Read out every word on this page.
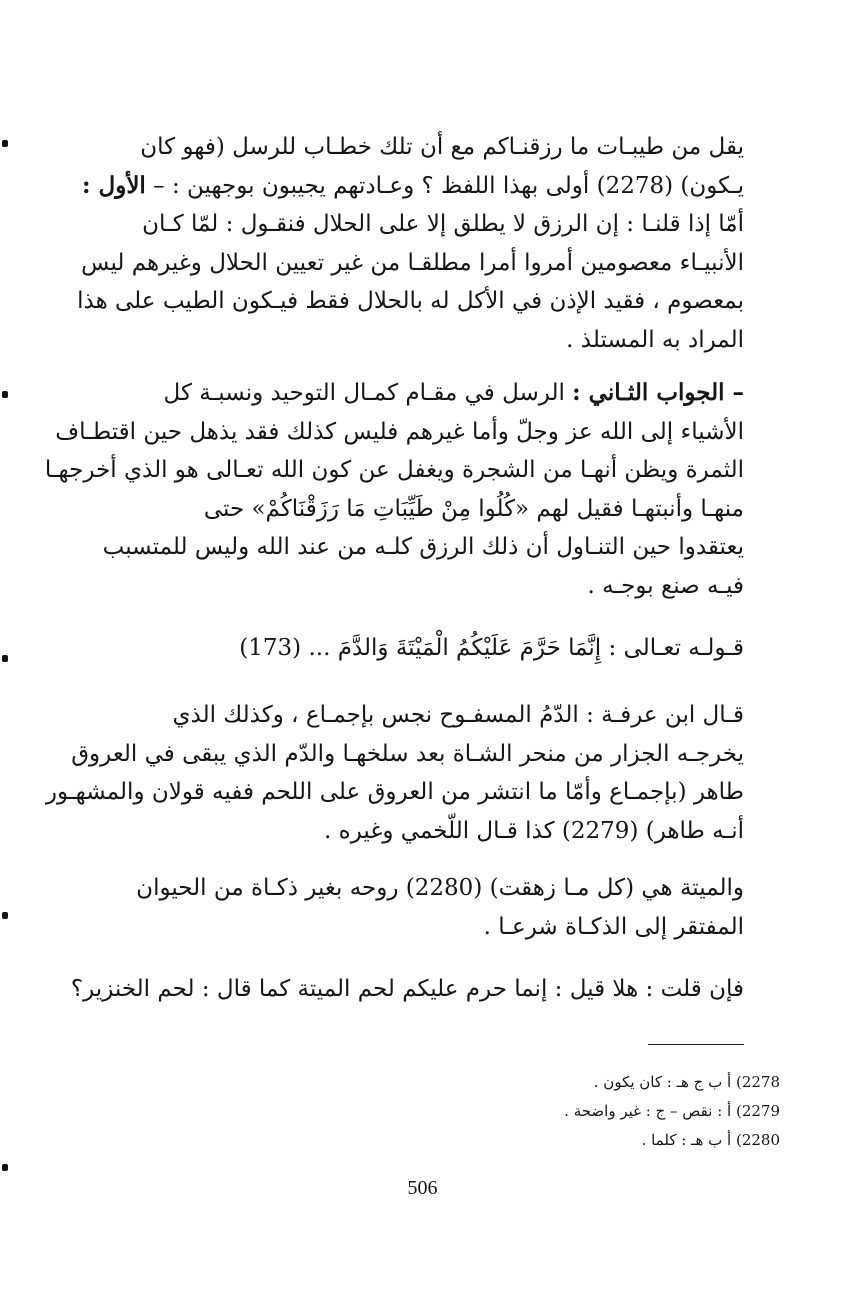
يقل من طيبـات ما رزقنـاكم مع أن تلك خطـاب للرسل (فهو كان
يـكون) (2278) أولى بهذا اللفظ ؟ وعـادتهم يجيبون بوجهين : – الأول :
أمّا إذا قلنـا : إن الرزق لا يطلق إلا على الحلال فنقـول : لمّا كـان
الأنبيـاء معصومين أمروا أمرا مطلقـا من غير تعيين الحلال وغيرهم ليس
بمعصوم ، فقيد الإذن في الأكل له بالحلال فقط فيـكون الطيب على هذا
المراد به المستلذ .
– الجواب الثـاني : الرسل في مقـام كمـال التوحيد ونسبـة كل
الأشياء إلى الله عز وجلّ وأما غيرهم فليس كذلك فقد يذهل حين اقتطـاف
الثمرة ويظن أنهـا من الشجرة ويغفل عن كون الله تعـالى هو الذي أخرجهـا
منهـا وأنبتهـا فقيل لهم «كُلُوا مِنْ طَيِّبَاتِ مَا رَزَقْنَاكُمْ» حتى
يعتقدوا حين التنـاول أن ذلك الرزق كلـه من عند الله وليس للمتسبب
فيـه صنع بوجـه .
قـولـه تعـالى : إِنَّمَا حَرَّمَ عَلَيْكُمُ الْمَيْتَةَ وَالدَّمَ ... (173)
قـال ابن عرفـة : الدّمُ المسفـوح نجس بإجمـاع ، وكذلك الذي
يخرجـه الجزار من منحر الشـاة بعد سلخهـا والدّم الذي يبقى في العروق
طاهر (بإجمـاع وأمّا ما انتشر من العروق على اللحم ففيه قولان والمشهـور
أنـه طاهر) (2279) كذا قـال اللّخمي وغيره .
والميتة هي (كل مـا زهقت) (2280) روحه بغير ذكـاة من الحيوان
المفتقر إلى الذكـاة شرعـا .
فإن قلت : هلا قيل : إنما حرم عليكم لحم الميتة كما قال : لحم الخنزير؟
2278) أ ب ج هـ : كان يكون .
2279) أ : نقص – ج : غير واضحة .
2280) أ ب هـ : كلما .
506
